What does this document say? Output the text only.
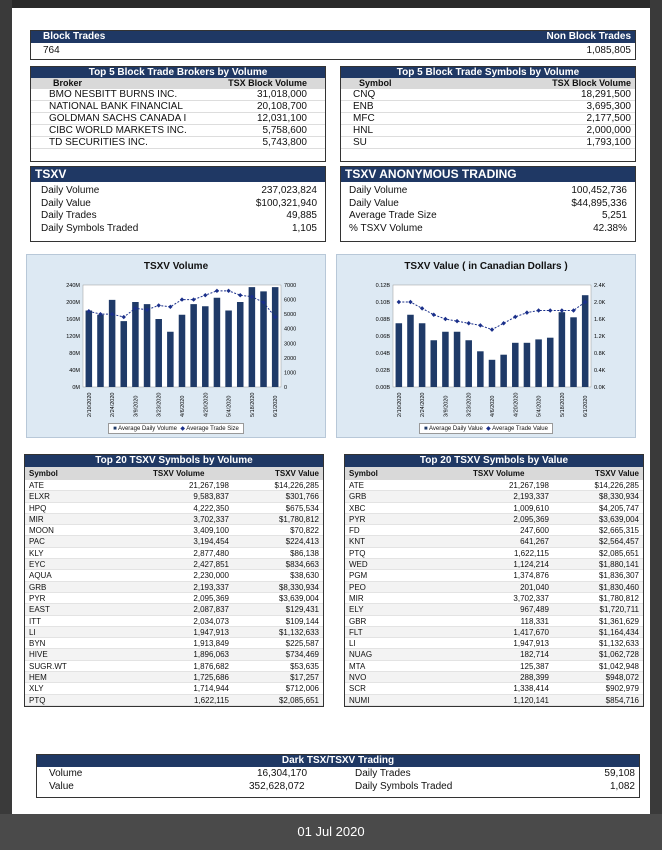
Block Trades	Non Block Trades
764	1,085,805
Top 5 Block Trade Brokers by Volume
Broker	TSX Block Volume
BMO NESBITT BURNS INC.	31,018,000
NATIONAL BANK FINANCIAL	20,108,700
GOLDMAN SACHS CANADA I	12,031,100
CIBC WORLD MARKETS INC.	5,758,600
TD SECURITIES INC.	5,743,800
Top 5 Block Trade Symbols by Volume
Symbol	TSX Block Volume
CNQ	18,291,500
ENB	3,695,300
MFC	2,177,500
HNL	2,000,000
SU	1,793,100
TSXV
Daily Volume	237,023,824
Daily Value	$100,321,940
Daily Trades	49,885
Daily Symbols Traded	1,105
TSXV ANONYMOUS TRADING
Daily Volume	100,452,736
Daily Value	$44,895,336
Average Trade Size	5,251
% TSXV Volume	42.38%
TSXV Volume
0M
40M
80M
120M
160M
200M
240M
0
1000
2000
3000
4000
5000
6000
7000
2/10/2020	2/24/2020	3/9/2020	3/23/2020	4/6/2020	4/20/2020	5/4/2020	5/18/2020	6/1/2020
■ Average Daily Volume ◆ Average Trade Size
TSXV Value ( in Canadian Dollars )
0.00B
0.02B
0.04B
0.06B
0.08B
0.10B
0.12B
0.0K
0.4K
0.8K
1.2K
1.6K
2.0K
2.4K
2/10/2020	2/24/2020	3/9/2020	3/23/2020	4/6/2020	4/20/2020	5/4/2020	5/18/2020	6/1/2020
■ Average Daily Value ◆ Average Trade Value
Top 20 TSXV Symbols by Volume
Symbol	TSXV Volume	TSXV Value
ATE	21,267,198	$14,226,285
ELXR	9,583,837	$301,766
HPQ	4,222,350	$675,534
MIR	3,702,337	$1,780,812
MOON	3,409,100	$70,822
PAC	3,194,454	$224,413
KLY	2,877,480	$86,138
EYC	2,427,851	$834,663
AQUA	2,230,000	$38,630
GRB	2,193,337	$8,330,934
PYR	2,095,369	$3,639,004
EAST	2,087,837	$129,431
ITT	2,034,073	$109,144
LI	1,947,913	$1,132,633
BYN	1,913,849	$225,587
HIVE	1,896,063	$734,469
SUGR.WT	1,876,682	$53,635
HEM	1,725,686	$17,257
XLY	1,714,944	$712,006
PTQ	1,622,115	$2,085,651
Top 20 TSXV Symbols by Value
Symbol	TSXV Volume	TSXV Value
ATE	21,267,198	$14,226,285
GRB	2,193,337	$8,330,934
XBC	1,009,610	$4,205,747
PYR	2,095,369	$3,639,004
FD	247,600	$2,665,315
KNT	641,267	$2,564,457
PTQ	1,622,115	$2,085,651
WED	1,124,214	$1,880,141
PGM	1,374,876	$1,836,307
PEO	201,040	$1,830,460
MIR	3,702,337	$1,780,812
ELY	967,489	$1,720,711
GBR	118,331	$1,361,629
FLT	1,417,670	$1,164,434
LI	1,947,913	$1,132,633
NUAG	182,714	$1,062,728
MTA	125,387	$1,042,948
NVO	288,399	$948,072
SCR	1,338,414	$902,979
NUMI	1,120,141	$854,716
Dark TSX/TSXV Trading
Volume	16,304,170	Daily Trades	59,108
Value	352,628,072	Daily Symbols Traded	1,082
01 Jul 2020
